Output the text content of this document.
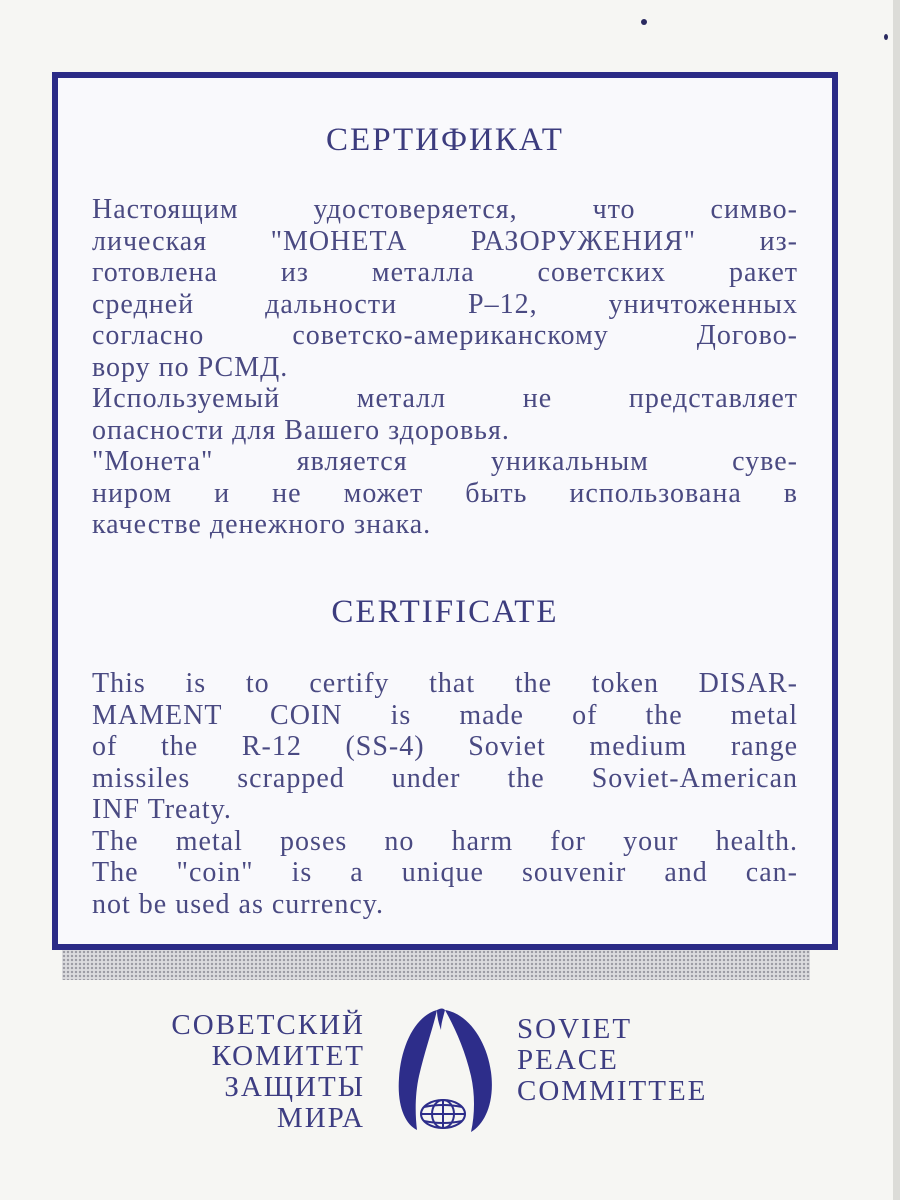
СЕРТИФИКАТ
Настоящим удостоверяется, что симво-
лическая "МОНЕТА РАЗОРУЖЕНИЯ" из-
готовлена из металла советских ракет
средней дальности Р–12, уничтоженных
согласно советско-американскому Догово-
вору по РСМД.
Используемый металл не представляет
опасности для Вашего здоровья.
"Монета" является уникальным суве-
ниром и не может быть использована в
качестве денежного знака.
CERTIFICATE
This is to certify that the token DISAR-
MAMENT COIN is made of the metal
of the R-12 (SS-4) Soviet medium range
missiles scrapped under the Soviet-American
INF Treaty.
The metal poses no harm for your health.
The "coin" is a unique souvenir and can-
not be used as currency.
СОВЕТСКИЙ
КОМИТЕТ
ЗАЩИТЫ
МИРА
SOVIET
PEACE
COMMITTEE
